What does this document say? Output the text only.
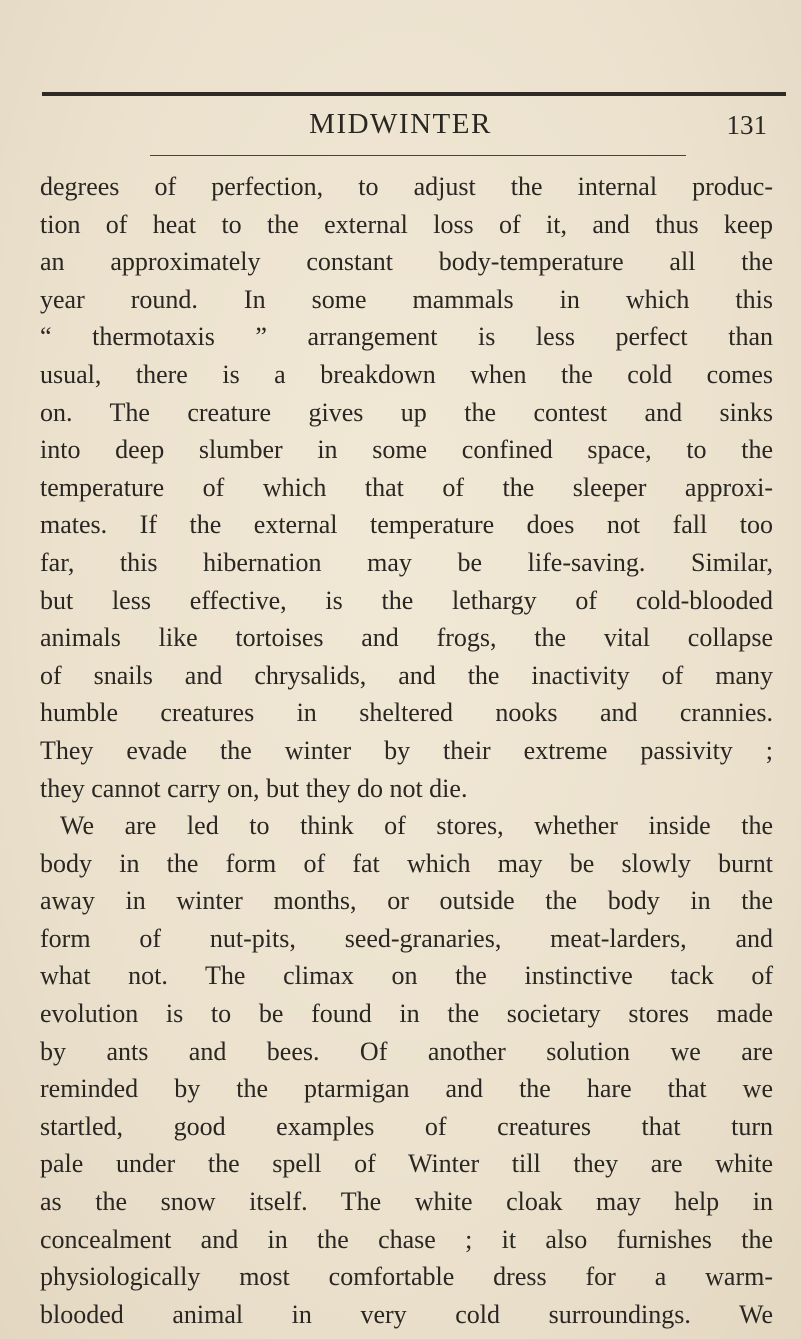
MIDWINTER	131
degrees of perfection, to adjust the internal produc-
tion of heat to the external loss of it, and thus keep
an approximately constant body-temperature all the
year round. In some mammals in which this
“ thermotaxis ” arrangement is less perfect than
usual, there is a breakdown when the cold comes
on. The creature gives up the contest and sinks
into deep slumber in some confined space, to the
temperature of which that of the sleeper approxi-
mates. If the external temperature does not fall too
far, this hibernation may be life-saving. Similar,
but less effective, is the lethargy of cold-blooded
animals like tortoises and frogs, the vital collapse
of snails and chrysalids, and the inactivity of many
humble creatures in sheltered nooks and crannies.
They evade the winter by their extreme passivity ;
they cannot carry on, but they do not die.
We are led to think of stores, whether inside the
body in the form of fat which may be slowly burnt
away in winter months, or outside the body in the
form of nut-pits, seed-granaries, meat-larders, and
what not. The climax on the instinctive tack of
evolution is to be found in the societary stores made
by ants and bees. Of another solution we are
reminded by the ptarmigan and the hare that we
startled, good examples of creatures that turn
pale under the spell of Winter till they are white
as the snow itself. The white cloak may help in
concealment and in the chase ; it also furnishes the
physiologically most comfortable dress for a warm-
blooded animal in very cold surroundings. We
